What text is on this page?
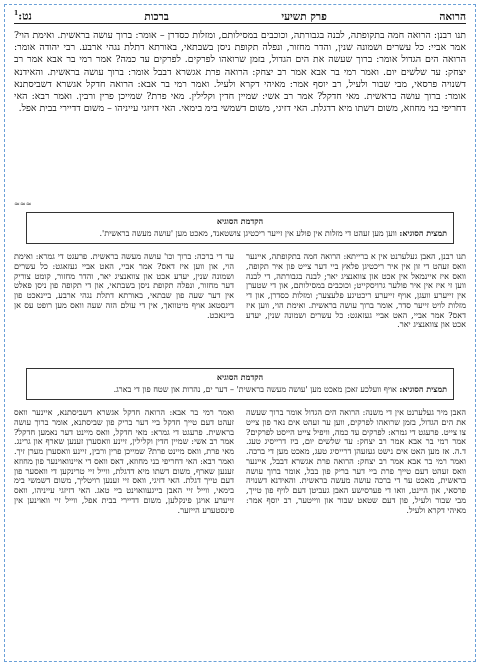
הרואה
פרק תשיעי
ברכות
נט:$^1$

תנו רבנן: הרואה חמה בתקופתה, לבנה בגבורתה, וכוכבים במסילותם, ומזלות כסדרן – אומר: ברוך עושה בראשית. ואימת הוי? אמר אביי: כל עשרים ושמונה שנין, והדר מחזור, ונפלה תקופת ניסן בשבתאי, באורתא דתלת נגהי ארבע. רבי יהודה אומר: הרואה הים הגדול אומר: ברוך שעשה את הים הגדול, בזמן שרואהו לפרקים. לפרקים עד כמה? אמר רמי בר אבא אמר רב יצחק: עד שלשים יום. ואמר רמי בר אבא אמר רב יצחק: הרואה פרת אגשרא דבבל אומר: ברוך עושה בראשית. והאידנא דשנויה פרסאי, מבי שבור ולעיל, רב יוסף אמר: מאיהי דקרא ולעיל. ואמר רמי בר אבא: הרואה חדקל אגשרא דשביסתנא אומר: ברוך עושה בראשית. מאי חדקל? אמר רב אשי: שמיין חדין וקלילין. מאי פרת? שמייכן פרין ורבין. ואמר רבא: האי דחריפי בני מחוזא, משום דשתו מיא דדגלת. האי דזיגי, משום דשמשי בימ בימאי. האי דזיזגי עייניהו – משום דדיירי בבית אפל.

≈≈≈
הקדמת הסוגיא
תמצית הסוגיא: ווען מען זעהט די מזלות אין פולע אין זייער ריכטיגן צושטאנד, מאכט מען 'עושה מעשה בראשית'.
תנו רבנן, האבן געלערנט אין א ברייתא: הרואה חמה בתקופתה, איינער וואס זעהט די זון אין איר ריכטיגן פלאץ ביי דער צייט פון איר תקופה, וואס איז איינמאל אין אכט און צוואנציג יאר; לבנה בגבורתה, די לבנה ווען זי איז אין איר פולער גרויסקייט; וכוכבים במסילותם, און די שטערן אין זייערע וועגן, אויף זייערע ריכטיגע פלעצער; ומזלות כסדרן, און די מזלות לויט זייער סדר, אומר ברוך עושה בראשית. ואימת הוי, ווען איז דאס? אמר אביי, האט אביי געזאגט: כל עשרים ושמונה שנין, יעדע אכט און צוואנציג יאר.
עד די ברכה: ברוך וכו' עושה מעשה בראשית. פרעגט די גמרא: ואימת הוי, און ווען איז דאס? אמר אביי, האט אביי געזאגט: כל עשרים ושמונה שנין, יעדע אכט און צוואנציג יאר, והדר מחזור, קומט צוריק דער מחזור, ונפלה תקופת ניסן בשבתאי, און די תקופה פון ניסן פאלט אין דער שעה פון שבתאי, באורתא דתלת נגהי ארבע, ביינאכט פון דינסטאג אויף מיטוואך, אין די עולם הזה שעה וואס מען רופט עס אן ביינאכט.
הקדמת הסוגיא
תמצית הסוגיא: אויף וועלכע זאכן מאכט מען 'עושה מעשה בראשית' – דער ים, נהרות און שטח פון די בארג.
האבן מיר געלערנט אין די משנה: הרואה הים הגדול אומר ברוך שעשה את הים הגדול, בזמן שרואהו לפרקים, ווען ער זעהט אים נאר פון צייט צו צייט. פרעגט די גמרא: לפרקים עד כמה, וויפיל צייט הייסט לפרקים? אמר רמי בר אבא אמר רב יצחק: עד שלשים יום, ביז דרייסיג טעג. ד.ה. אז מען האט אים נישט געזעהן דרייסיג טעג, מאכט מען די ברכה. ואמר רמי בר אבא אמר רב יצחק: הרואה פרת אגשרא דבבל, איינער וואס זעהט דעם טייך פרת ביי דער בריק פון בבל, אומר ברוך עושה בראשית, מאכט ער די ברכה עושה מעשה בראשית. והאידנא דשנויה פרסאי, און היינט, וואו די פערסישע האבן געביטן דעם לויף פון טייך, מבי שבור ולעיל, פון דעם שטאט שבור און ווייטער, רב יוסף אמר: מאיהי דקרא ולעיל.
ואמר רמי בר אבא: הרואה חדקל אגשרא דשביסתנא, איינער וואס זעהט דעם טייך חדקל ביי דער בריק פון שביסתנא, אומר ברוך עושה בראשית. פרעגט די גמרא: מאי חדקל, וואס מיינט דער נאמען חדקל? אמר רב אשי: שמיין חדין וקלילין, זיינע וואסערן זענען שארף און גרינג. מאי פרת, וואס מיינט פרת? שמייכן פרין ורבין, זיינע וואסערן מערן זיך. ואמר רבא: האי דחריפי בני מחוזא, דאס וואס די איינוואוינער פון מחוזא זענען שארף, משום דשתו מיא דדגלת, ווייל זיי טרינקען די וואסער פון דעם טייך דגלת. האי דזיגי, וואס זיי זענען רויטליך, משום דשמשי בימ בימאי, ווייל זיי האבן בייגעוואוינט ביי טאג. האי דזיזגי עייניהו, וואס זייערע אויגן פינקלען, משום דדיירי בבית אפל, ווייל זיי וואוינען אין פינסטערע הייזער.
